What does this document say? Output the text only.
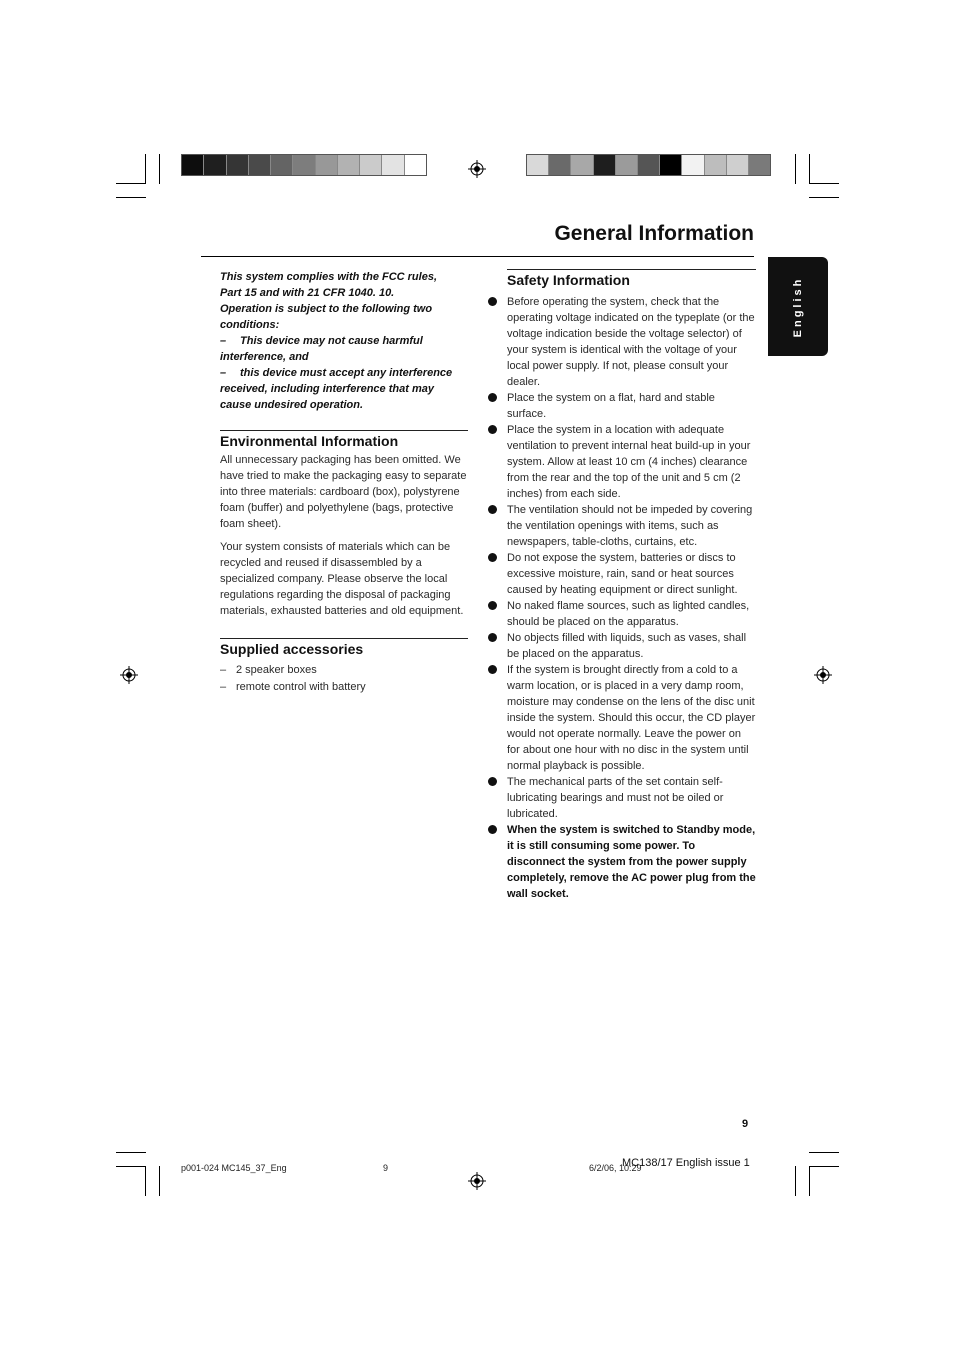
General Information
English

This system complies with the FCC rules,

Part 15 and with 21 CFR 1040. 10.

Operation is subject to the following two

conditions:

– This device may not cause harmful

interference, and

– this device must accept any interference

received, including interference that may

cause undesired operation.

Environmental Information

All unnecessary packaging has been omitted. We have tried to make the packaging easy to separate into three materials: cardboard (box), polystyrene foam (buffer) and polyethylene (bags, protective foam sheet).

Your system consists of materials which can be recycled and reused if disassembled by a specialized company. Please observe the local regulations regarding the disposal of packaging materials, exhausted batteries and old equipment.

Supplied accessories
– 2 speaker boxes
– remote control with battery
Safety Information
Before operating the system, check that the operating voltage indicated on the typeplate (or the voltage indication beside the voltage selector) of your system is identical with the voltage of your local power supply. If not, please consult your dealer.
Place the system on a flat, hard and stable surface.
Place the system in a location with adequate ventilation to prevent internal heat build-up in your system. Allow at least 10 cm (4 inches) clearance from the rear and the top of the unit and 5 cm (2 inches) from each side.
The ventilation should not be impeded by covering the ventilation openings with items, such as newspapers, table-cloths, curtains, etc.
Do not expose the system, batteries or discs to excessive moisture, rain, sand or heat sources caused by heating equipment or direct sunlight.
No naked flame sources, such as lighted candles, should be placed on the apparatus.
No objects filled with liquids, such as vases, shall be placed on the apparatus.
If the system is brought directly from a cold to a warm location, or is placed in a very damp room, moisture may condense on the lens of the disc unit inside the system. Should this occur, the CD player would not operate normally. Leave the power on for about one hour with no disc in the system until normal playback is possible.
The mechanical parts of the set contain self-lubricating bearings and must not be oiled or lubricated.
When the system is switched to Standby mode, it is still consuming some power. To disconnect the system from the power supply completely, remove the AC power plug from the wall socket.
9
p001-024 MC145_37_Eng	9	6/2/06, 10:29
MC138/17 English issue 1
